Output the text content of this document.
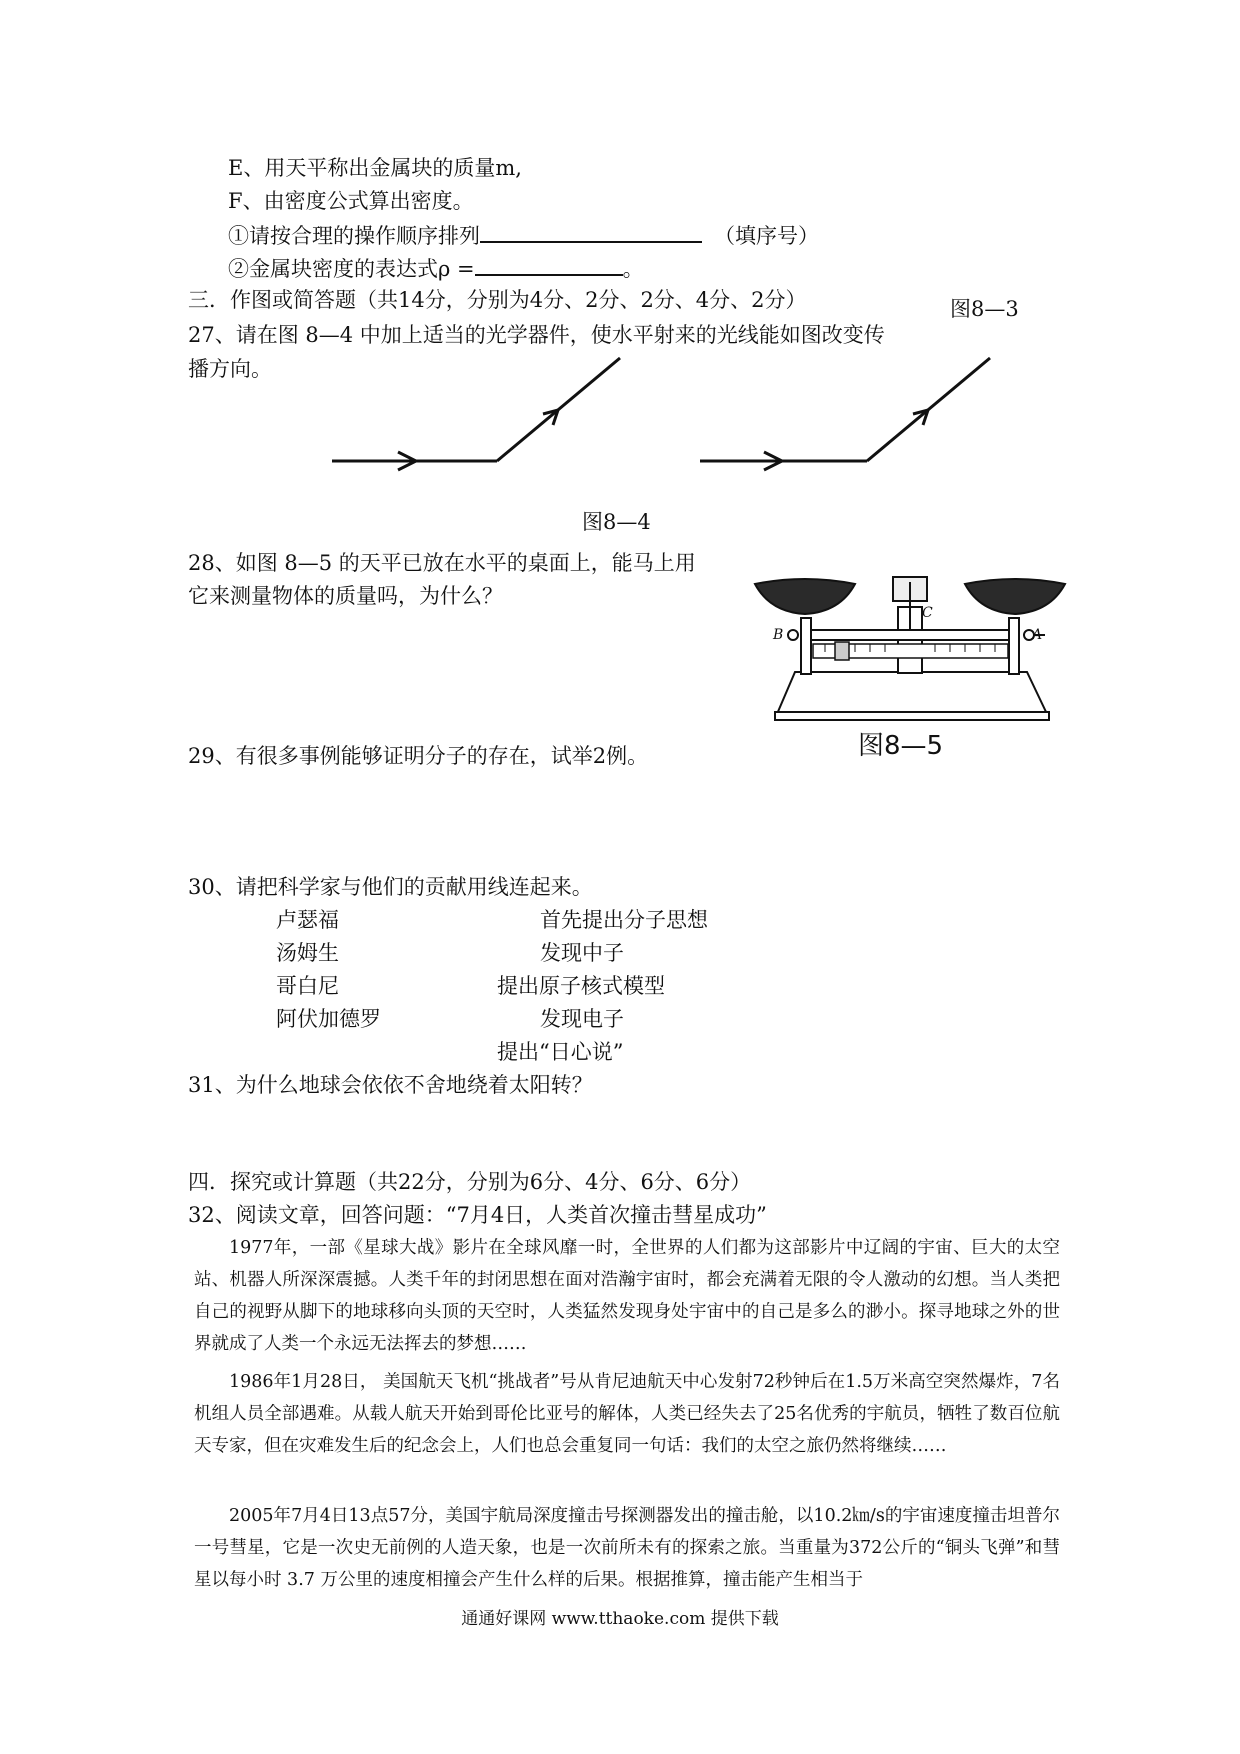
E、用天平称出金属块的质量m,
F、由密度公式算出密度。
①请按合理的操作顺序排列	（填序号）
②金属块密度的表达式ρ =	。
三．作图或简答题（共14分，分别为4分、2分、2分、4分、2分）	图8—3
27、请在图 8—4 中加上适当的光学器件，使水平射来的光线能如图改变传
播方向。
图8—4
28、如图 8—5 的天平已放在水平的桌面上，能马上用
它来测量物体的质量吗，为什么？
A
B
C
图8—5
29、有很多事例能够证明分子的存在，试举2例。
30、请把科学家与他们的贡献用线连起来。
卢瑟福
汤姆生
哥白尼
阿伏加德罗
首先提出分子思想
发现中子
提出原子核式模型
发现电子
提出“日心说”
31、为什么地球会依依不舍地绕着太阳转？
四．探究或计算题（共22分，分别为6分、4分、6分、6分）
32、阅读文章，回答问题：“7月4日，人类首次撞击彗星成功”
1977年，一部《星球大战》影片在全球风靡一时，全世界的人们都为这部影片中辽阔的宇宙、巨大的太空站、机器人所深深震撼。人类千年的封闭思想在面对浩瀚宇宙时，都会充满着无限的令人激动的幻想。当人类把自己的视野从脚下的地球移向头顶的天空时，人类猛然发现身处宇宙中的自己是多么的渺小。探寻地球之外的世界就成了人类一个永远无法挥去的梦想……
1986年1月28日， 美国航天飞机“挑战者”号从肯尼迪航天中心发射72秒钟后在1.5万米高空突然爆炸，7名机组人员全部遇难。从载人航天开始到哥伦比亚号的解体，人类已经失去了25名优秀的宇航员，牺牲了数百位航天专家，但在灾难发生后的纪念会上，人们也总会重复同一句话：我们的太空之旅仍然将继续……
2005年7月4日13点57分，美国宇航局深度撞击号探测器发出的撞击舱，以10.2㎞/s的宇宙速度撞击坦普尔一号彗星，它是一次史无前例的人造天象，也是一次前所未有的探索之旅。当重量为372公斤的“铜头飞弹”和彗星以每小时 3.7 万公里的速度相撞会产生什么样的后果。根据推算，撞击能产生相当于
通通好课网 www.tthaoke.com 提供下载
